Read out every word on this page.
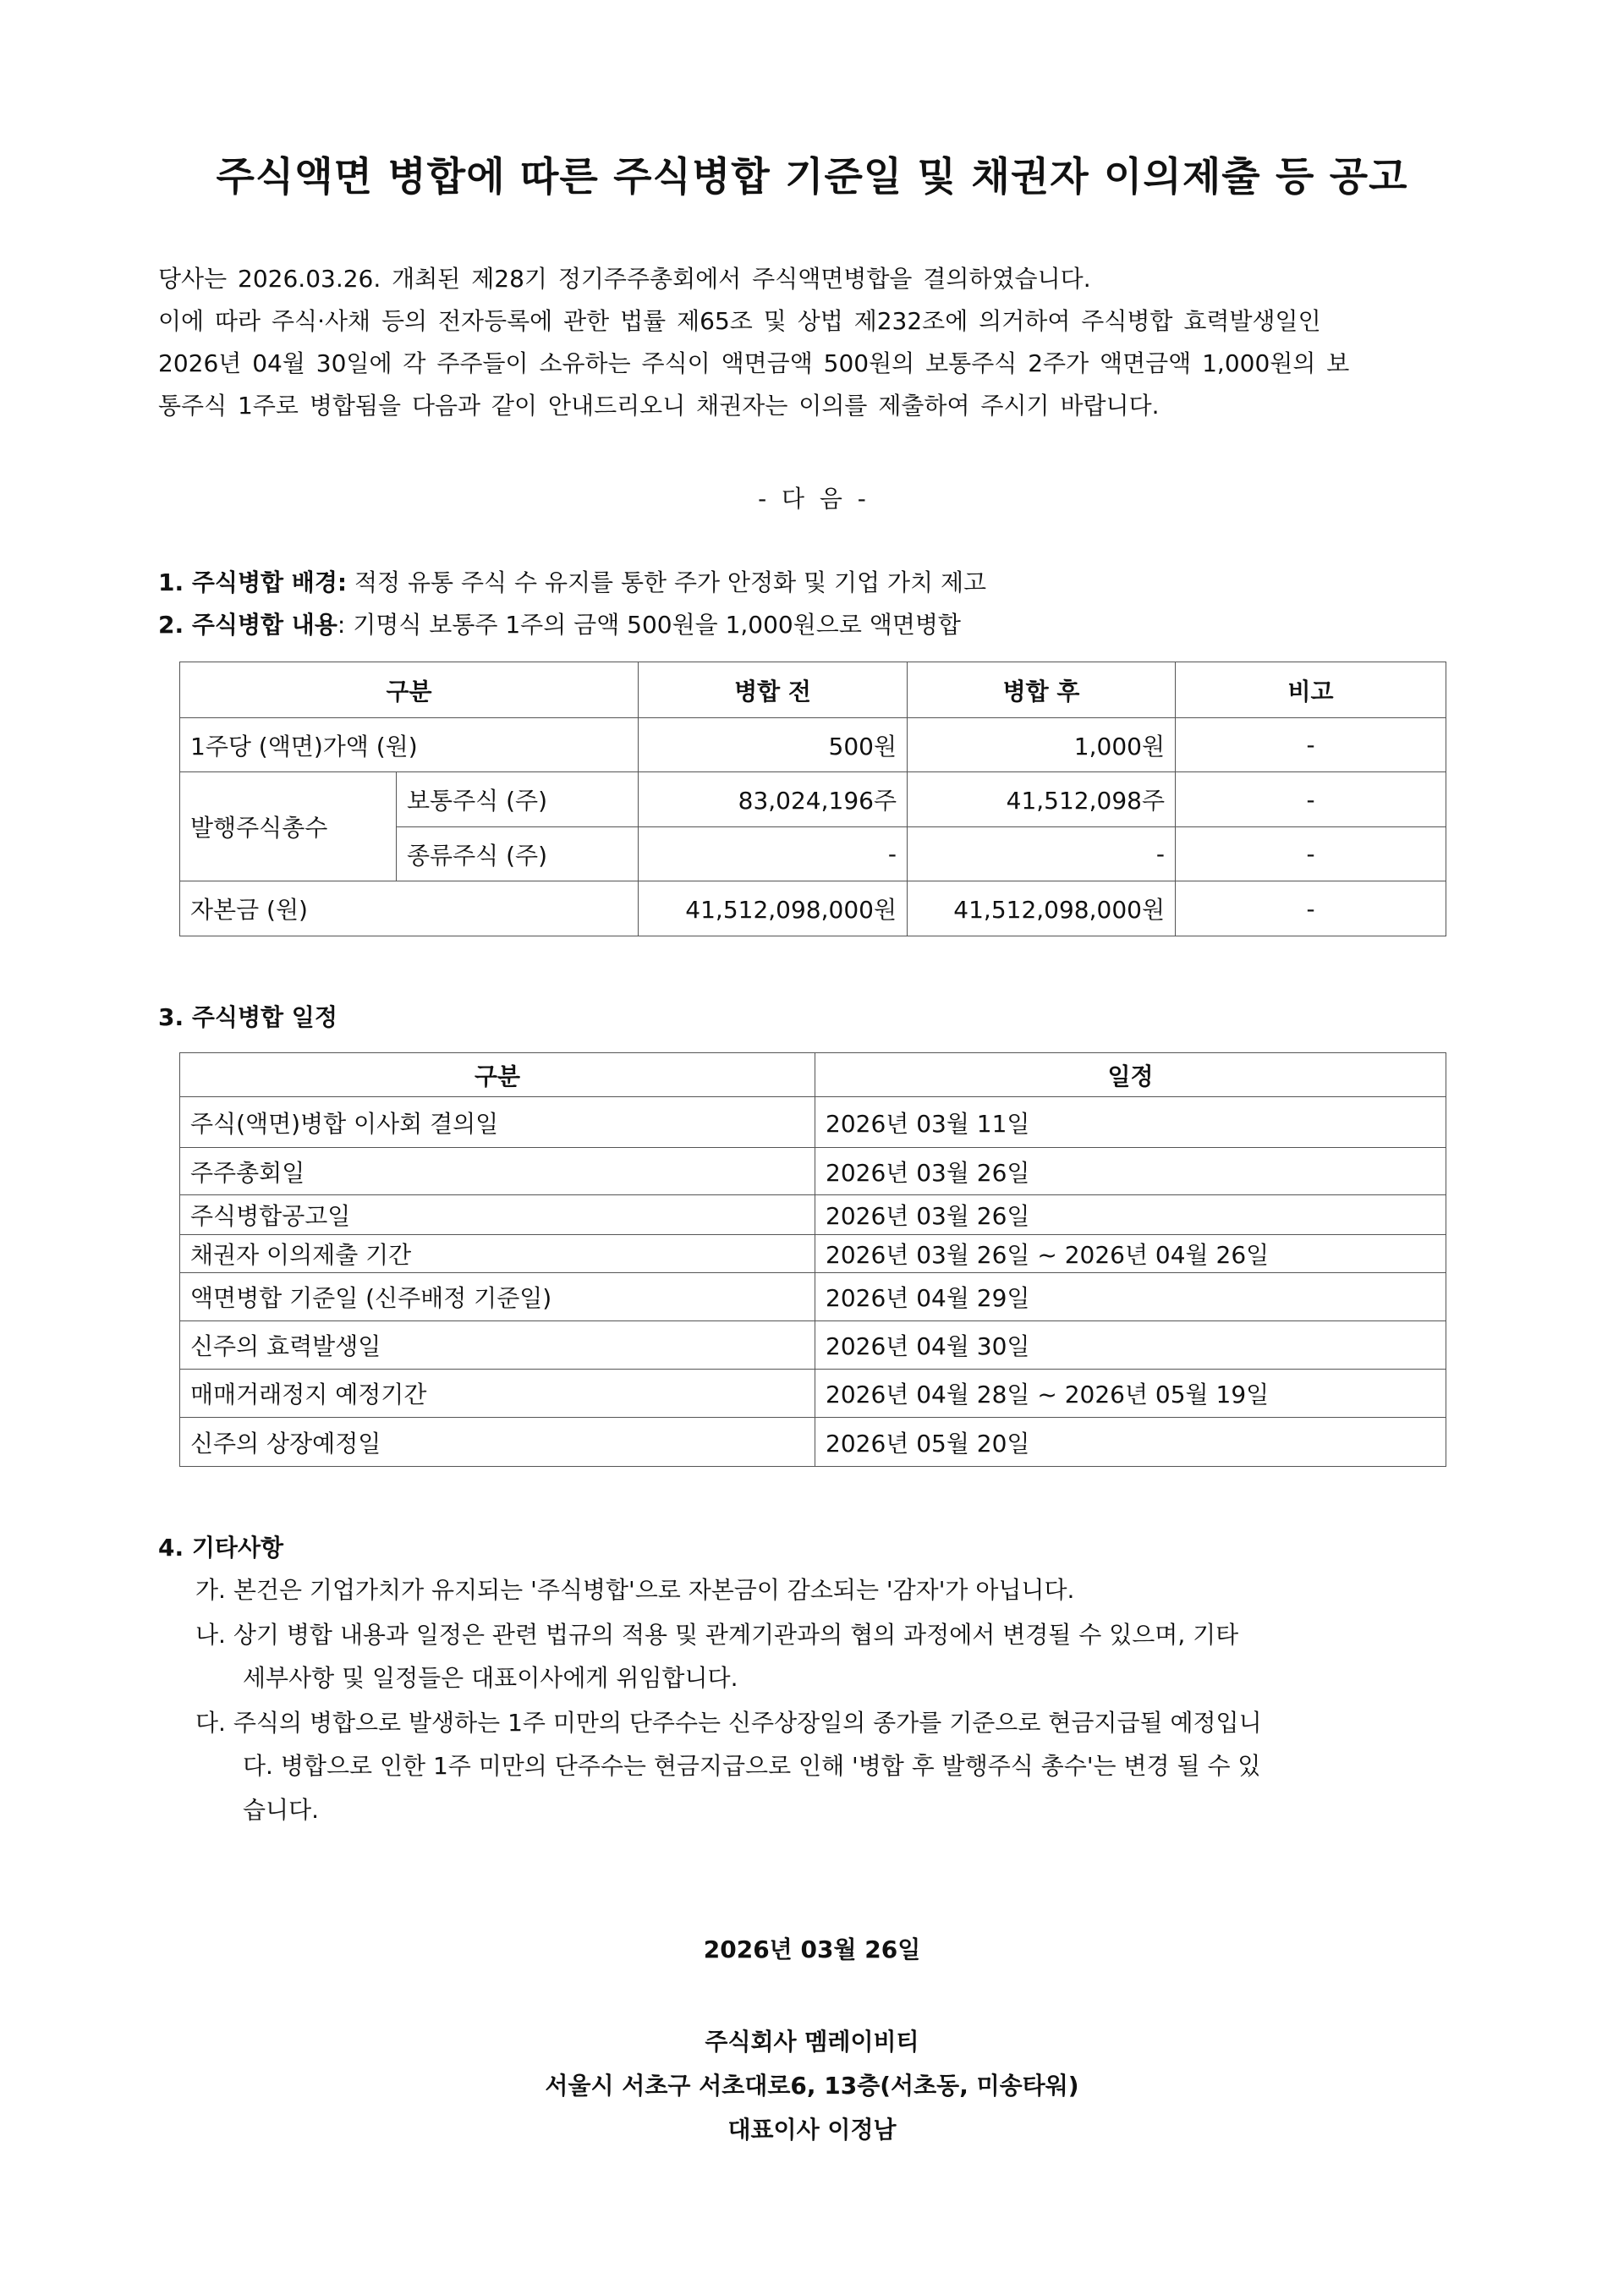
주식액면 병합에 따른 주식병합 기준일 및 채권자 이의제출 등 공고
당사는 2026.03.26. 개최된 제28기 정기주주총회에서 주식액면병합을 결의하였습니다.
이에 따라 주식·사채 등의 전자등록에 관한 법률 제65조 및 상법 제232조에 의거하여 주식병합 효력발생일인
2026년 04월 30일에 각 주주들이 소유하는 주식이 액면금액 500원의 보통주식 2주가 액면금액 1,000원의 보
통주식 1주로 병합됨을 다음과 같이 안내드리오니 채권자는 이의를 제출하여 주시기 바랍니다.
-  다  음  -
1. 주식병합 배경: 적정 유통 주식 수 유지를 통한 주가 안정화 및 기업 가치 제고
2. 주식병합 내용: 기명식 보통주 1주의 금액 500원을 1,000원으로 액면병합
구분		병합 전	병합 후	비고
1주당 (액면)가액 (원)		500원	1,000원	-
발행주식총수	보통주식 (주)	83,024,196주	41,512,098주	-
	종류주식 (주)	-	-	-
자본금 (원)		41,512,098,000원	41,512,098,000원	-
3. 주식병합 일정
구분	일정
주식(액면)병합 이사회 결의일	2026년 03월 11일
주주총회일	2026년 03월 26일
주식병합공고일	2026년 03월 26일
채권자 이의제출 기간	2026년 03월 26일 ~ 2026년 04월 26일
액면병합 기준일 (신주배정 기준일)	2026년 04월 29일
신주의 효력발생일	2026년 04월 30일
매매거래정지 예정기간	2026년 04월 28일 ~ 2026년 05월 19일
신주의 상장예정일	2026년 05월 20일
4. 기타사항
가. 본건은 기업가치가 유지되는 '주식병합'으로 자본금이 감소되는 '감자'가 아닙니다.
나. 상기 병합 내용과 일정은 관련 법규의 적용 및 관계기관과의 협의 과정에서 변경될 수 있으며, 기타
세부사항 및 일정들은 대표이사에게 위임합니다.
다. 주식의 병합으로 발생하는 1주 미만의 단주수는 신주상장일의 종가를 기준으로 현금지급될 예정입니
다. 병합으로 인한 1주 미만의 단주수는 현금지급으로 인해 '병합 후 발행주식 총수'는 변경 될 수 있
습니다.
2026년 03월 26일
주식회사 멤레이비티
서울시 서초구 서초대로6, 13층(서초동, 미송타워)
대표이사 이정남
